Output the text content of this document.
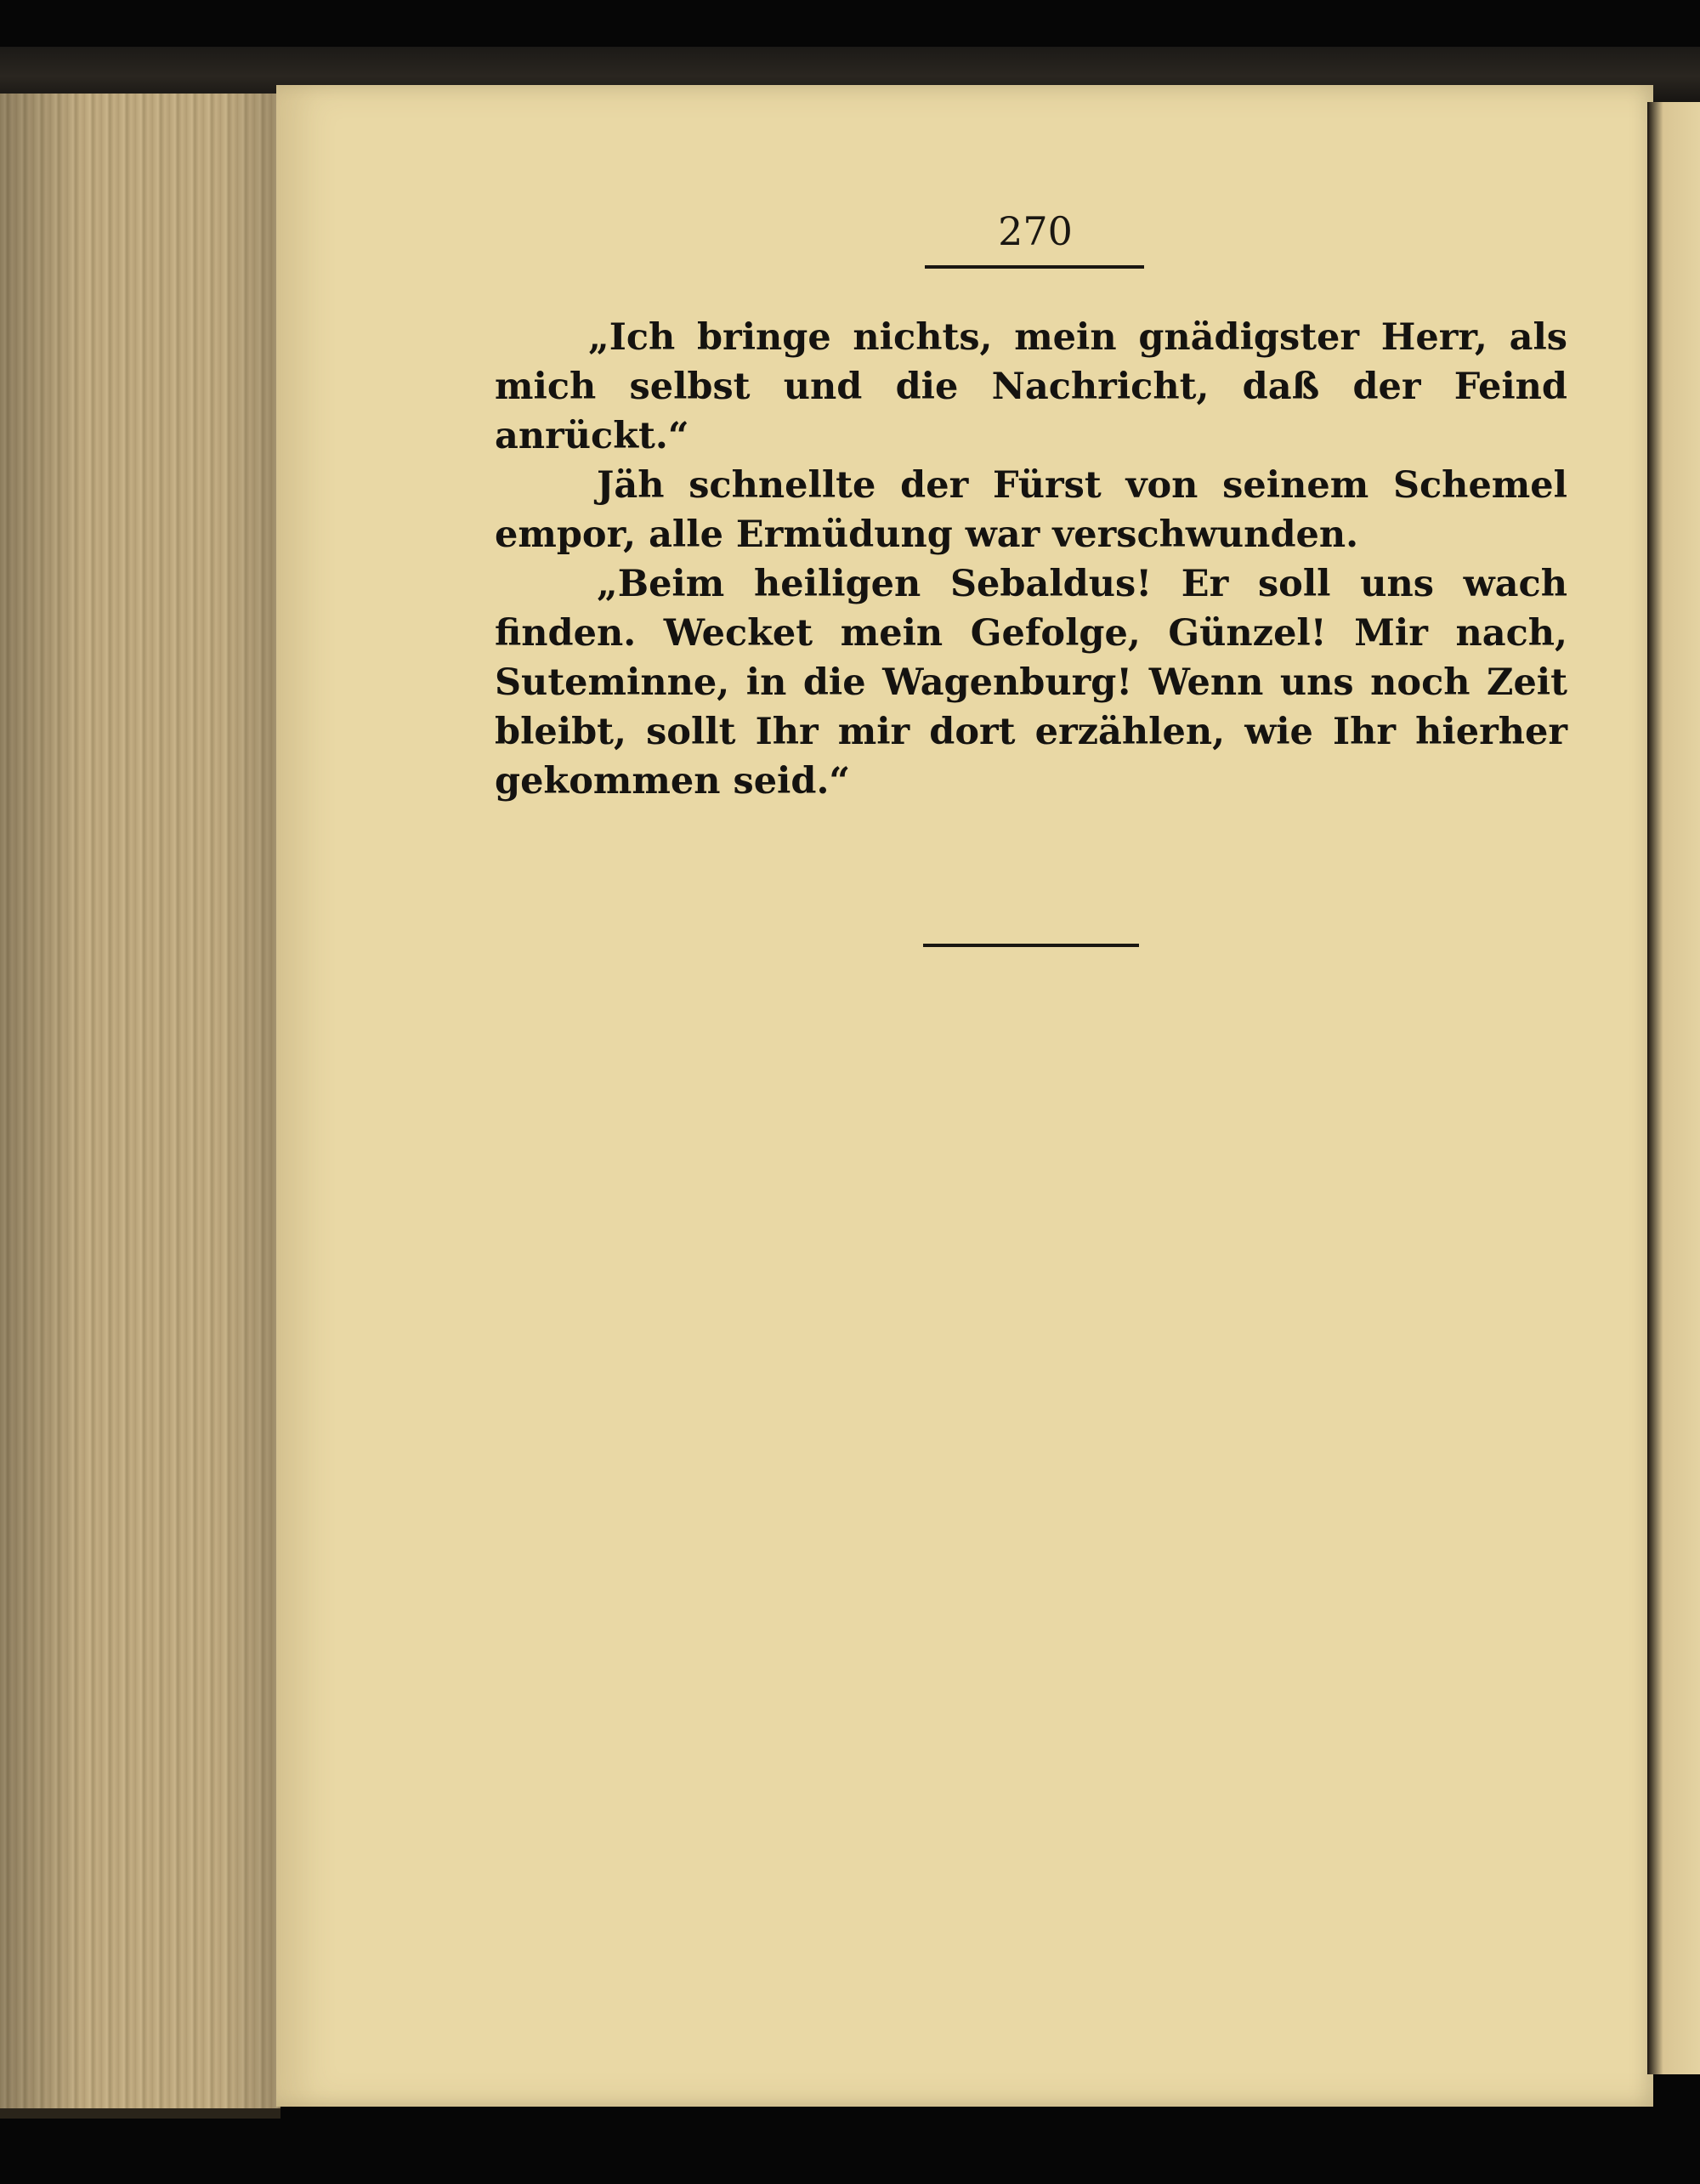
270

„Ich bringe nichts, mein gnädigster Herr, als mich selbst und die Nachricht, daß der Feind anrückt.“

Jäh schnellte der Fürst von seinem Schemel empor, alle Ermüdung war verschwunden.

„Beim heiligen Sebaldus! Er soll uns wach finden. Wecket mein Gefolge, Günzel! Mir nach, Suteminne, in die Wagenburg! Wenn uns noch Zeit bleibt, sollt Ihr mir dort erzählen, wie Ihr hierher gekommen seid.“
